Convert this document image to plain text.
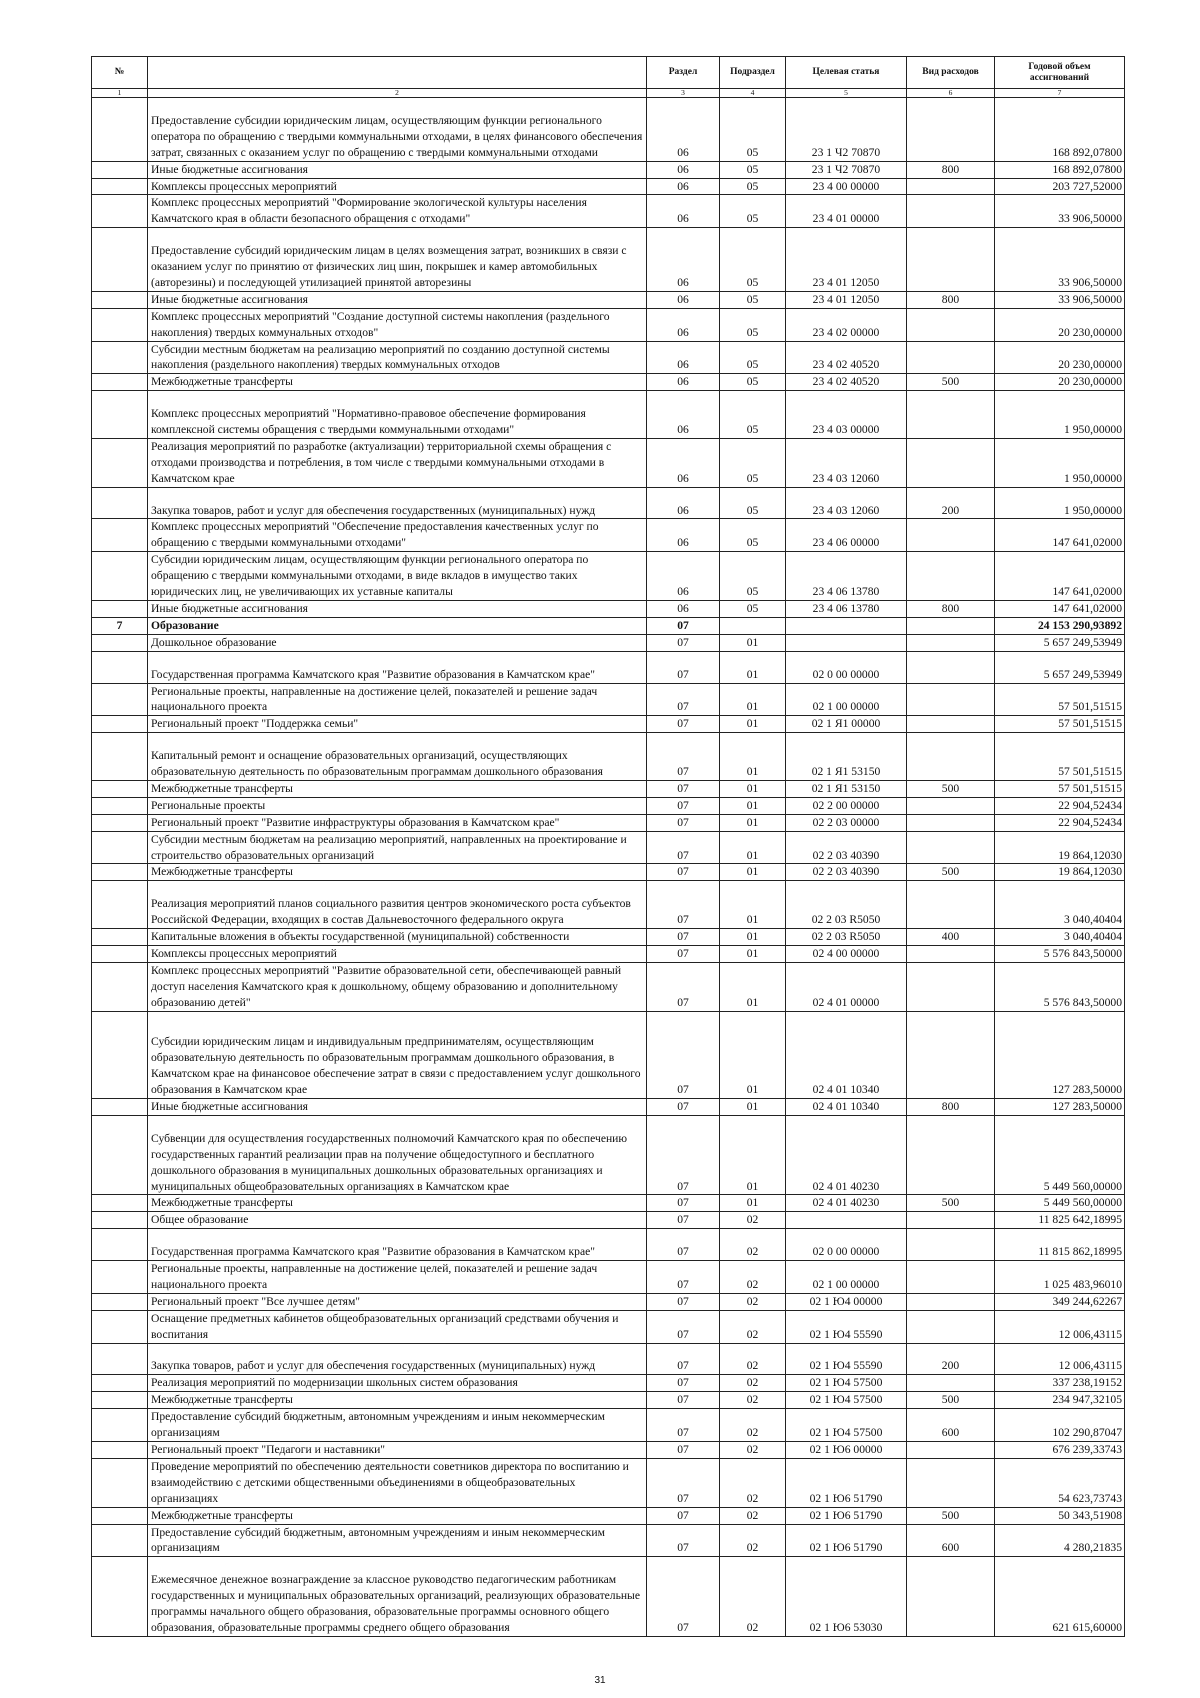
№		Раздел	Подраздел	Целевая статья	Вид расходов	Годовой объем ассигнований
1	2	3	4	5	6	7
	Предоставление субсидии юридическим лицам, осуществляющим функции регионального оператора по обращению с твердыми коммунальными отходами, в целях финансового обеспечения затрат, связанных с оказанием услуг по обращению с твердыми коммунальными отходами	06	05	23 1 Ч2 70870		168 892,07800
	Иные бюджетные ассигнования	06	05	23 1 Ч2 70870	800	168 892,07800
	Комплексы процессных мероприятий	06	05	23 4 00 00000		203 727,52000
	Комплекс процессных мероприятий "Формирование экологической культуры населения Камчатского края в области безопасного обращения с отходами"	06	05	23 4 01 00000		33 906,50000
	Предоставление субсидий юридическим лицам в целях возмещения затрат, возникших в связи с оказанием услуг по принятию от физических лиц шин, покрышек и камер автомобильных (авторезины) и последующей утилизацией принятой авторезины	06	05	23 4 01 12050		33 906,50000
	Иные бюджетные ассигнования	06	05	23 4 01 12050	800	33 906,50000
	Комплекс процессных мероприятий "Создание доступной системы накопления (раздельного накопления) твердых коммунальных отходов"	06	05	23 4 02 00000		20 230,00000
	Субсидии местным бюджетам на реализацию мероприятий по созданию доступной системы накопления (раздельного накопления) твердых коммунальных отходов	06	05	23 4 02 40520		20 230,00000
	Межбюджетные трансферты	06	05	23 4 02 40520	500	20 230,00000
	Комплекс процессных мероприятий "Нормативно-правовое обеспечение формирования комплексной системы обращения с твердыми коммунальными отходами"	06	05	23 4 03 00000		1 950,00000
	Реализация мероприятий по разработке (актуализации) территориальной схемы обращения с отходами производства и потребления, в том числе с твердыми коммунальными отходами в Камчатском крае	06	05	23 4 03 12060		1 950,00000
	Закупка товаров, работ и услуг для обеспечения государственных (муниципальных) нужд	06	05	23 4 03 12060	200	1 950,00000
	Комплекс процессных мероприятий "Обеспечение предоставления качественных услуг по обращению с твердыми коммунальными отходами"	06	05	23 4 06 00000		147 641,02000
	Субсидии юридическим лицам, осуществляющим функции регионального оператора по обращению с твердыми коммунальными отходами, в виде вкладов в имущество таких юридических лиц, не увеличивающих их уставные капиталы	06	05	23 4 06 13780		147 641,02000
	Иные бюджетные ассигнования	06	05	23 4 06 13780	800	147 641,02000
7	Образование	07				24 153 290,93892
	Дошкольное образование	07	01			5 657 249,53949
	Государственная программа Камчатского края "Развитие образования в Камчатском крае"	07	01	02 0 00 00000		5 657 249,53949
	Региональные проекты, направленные на достижение целей, показателей и решение задач национального проекта	07	01	02 1 00 00000		57 501,51515
	Региональный проект "Поддержка семьи"	07	01	02 1 Я1 00000		57 501,51515
	Капитальный ремонт и оснащение образовательных организаций, осуществляющих образовательную деятельность по образовательным программам дошкольного образования	07	01	02 1 Я1 53150		57 501,51515
	Межбюджетные трансферты	07	01	02 1 Я1 53150	500	57 501,51515
	Региональные проекты	07	01	02 2 00 00000		22 904,52434
	Региональный проект "Развитие инфраструктуры образования в Камчатском крае"	07	01	02 2 03 00000		22 904,52434
	Субсидии местным бюджетам на реализацию мероприятий, направленных на проектирование и строительство образовательных организаций	07	01	02 2 03 40390		19 864,12030
	Межбюджетные трансферты	07	01	02 2 03 40390	500	19 864,12030
	Реализация мероприятий планов социального развития центров экономического роста субъектов Российской Федерации, входящих в состав Дальневосточного федерального округа	07	01	02 2 03 R5050		3 040,40404
	Капитальные вложения в объекты государственной (муниципальной) собственности	07	01	02 2 03 R5050	400	3 040,40404
	Комплексы процессных мероприятий	07	01	02 4 00 00000		5 576 843,50000
	Комплекс процессных мероприятий "Развитие образовательной сети, обеспечивающей равный доступ населения Камчатского края к дошкольному, общему образованию и дополнительному образованию детей"	07	01	02 4 01 00000		5 576 843,50000
	Субсидии юридическим лицам и индивидуальным предпринимателям, осуществляющим образовательную деятельность по образовательным программам дошкольного образования, в Камчатском крае на финансовое обеспечение затрат в связи с предоставлением услуг дошкольного образования в Камчатском крае	07	01	02 4 01 10340		127 283,50000
	Иные бюджетные ассигнования	07	01	02 4 01 10340	800	127 283,50000
	Субвенции для осуществления государственных полномочий Камчатского края по обеспечению государственных гарантий реализации прав на получение общедоступного и бесплатного дошкольного образования в муниципальных дошкольных образовательных организациях и муниципальных общеобразовательных организациях в Камчатском крае	07	01	02 4 01 40230		5 449 560,00000
	Межбюджетные трансферты	07	01	02 4 01 40230	500	5 449 560,00000
	Общее образование	07	02			11 825 642,18995
	Государственная программа Камчатского края "Развитие образования в Камчатском крае"	07	02	02 0 00 00000		11 815 862,18995
	Региональные проекты, направленные на достижение целей, показателей и решение задач национального проекта	07	02	02 1 00 00000		1 025 483,96010
	Региональный проект "Все лучшее детям"	07	02	02 1 Ю4 00000		349 244,62267
	Оснащение предметных кабинетов общеобразовательных организаций средствами обучения и воспитания	07	02	02 1 Ю4 55590		12 006,43115
	Закупка товаров, работ и услуг для обеспечения государственных (муниципальных) нужд	07	02	02 1 Ю4 55590	200	12 006,43115
	Реализация мероприятий по модернизации школьных систем образования	07	02	02 1 Ю4 57500		337 238,19152
	Межбюджетные трансферты	07	02	02 1 Ю4 57500	500	234 947,32105
	Предоставление субсидий бюджетным, автономным учреждениям и иным некоммерческим организациям	07	02	02 1 Ю4 57500	600	102 290,87047
	Региональный проект "Педагоги и наставники"	07	02	02 1 Ю6 00000		676 239,33743
	Проведение мероприятий по обеспечению деятельности советников директора по воспитанию и взаимодействию с детскими общественными объединениями в общеобразовательных организациях	07	02	02 1 Ю6 51790		54 623,73743
	Межбюджетные трансферты	07	02	02 1 Ю6 51790	500	50 343,51908
	Предоставление субсидий бюджетным, автономным учреждениям и иным некоммерческим организациям	07	02	02 1 Ю6 51790	600	4 280,21835
	Ежемесячное денежное вознаграждение за классное руководство педагогическим работникам государственных и муниципальных образовательных организаций, реализующих образовательные программы начального общего образования, образовательные программы основного общего образования, образовательные программы среднего общего образования	07	02	02 1 Ю6 53030		621 615,60000
31
